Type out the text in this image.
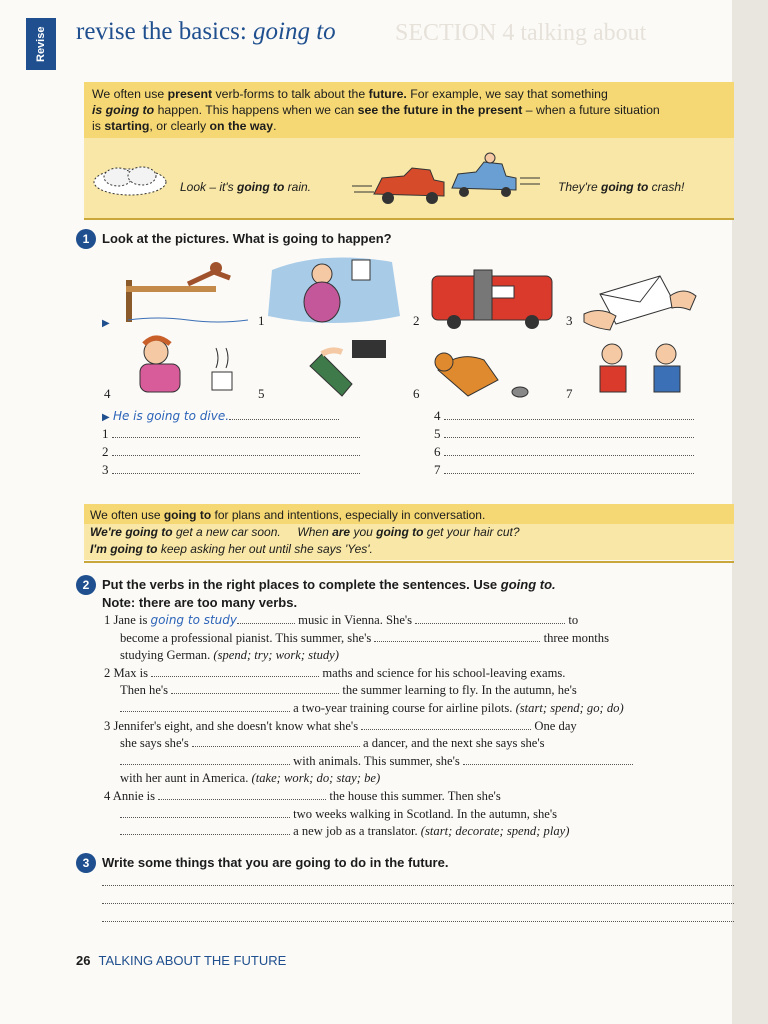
Revise	revise the basics: going to SECTION 4 talking about

We often use present verb-forms to talk about the future. For example, we say that something

is going to happen. This happens when we can see the future in the present – when a future situation

is starting, or clearly on the way.

Look – it's going to rain.	They're going to crash!
1 Look at the pictures. What is going to happen?
▶	1	2	3
4	5	6	7
▶ He is going to dive.
1
2
3
4
5
6
7

We often use going to for plans and intentions, especially in conversation.

We're going to get a new car soon. When are you going to get your hair cut?

I'm going to keep asking her out until she says 'Yes'.

2 Put the verbs in the right places to complete the sentences. Use going to.
Note: there are too many verbs.
1 Jane is going to study	music in Vienna. She's	to
become a professional pianist. This summer, she's	three months
studying German. (spend; try; work; study)
2 Max is	maths and science for his school-leaving exams.
Then he's	the summer learning to fly. In the autumn, he's
a two-year training course for airline pilots. (start; spend; go; do)
3 Jennifer's eight, and she doesn't know what she's	One day
she says she's	a dancer, and the next she says she's
with animals. This summer, she's
with her aunt in America. (take; work; do; stay; be)
4 Annie is	the house this summer. Then she's
two weeks walking in Scotland. In the autumn, she's
a new job as a translator. (start; decorate; spend; play)
3 Write some things that you are going to do in the future.
26 TALKING ABOUT THE FUTURE
